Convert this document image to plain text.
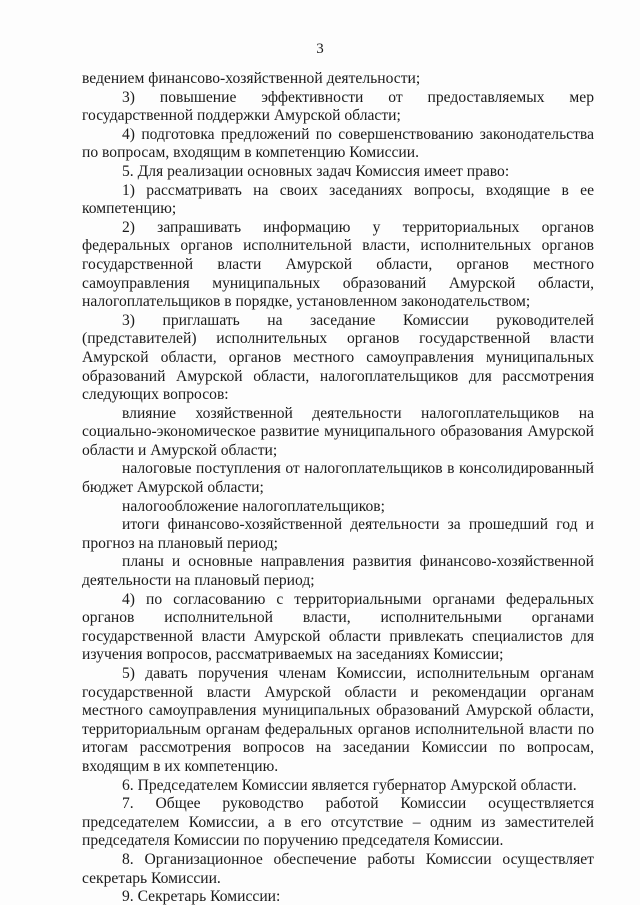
3

ведением финансово-хозяйственной деятельности;

3) повышение эффективности от предоставляемых мер государственной поддержки Амурской области;

4) подготовка предложений по совершенствованию законодательства по вопросам, входящим в компетенцию Комиссии.

5. Для реализации основных задач Комиссия имеет право:

1) рассматривать на своих заседаниях вопросы, входящие в ее компетенцию;

2) запрашивать информацию у территориальных органов федеральных органов исполнительной власти, исполнительных органов государственной власти Амурской области, органов местного самоуправления муниципальных образований Амурской области, налогоплательщиков в порядке, установленном законодательством;

3) приглашать на заседание Комиссии руководителей (представителей) исполнительных органов государственной власти Амурской области, органов местного самоуправления муниципальных образований Амурской области, налогоплательщиков для рассмотрения следующих вопросов:

влияние хозяйственной деятельности налогоплательщиков на социально-экономическое развитие муниципального образования Амурской области и Амурской области;

налоговые поступления от налогоплательщиков в консолидированный бюджет Амурской области;

налогообложение налогоплательщиков;

итоги финансово-хозяйственной деятельности за прошедший год и прогноз на плановый период;

планы и основные направления развития финансово-хозяйственной деятельности на плановый период;

4) по согласованию с территориальными органами федеральных органов исполнительной власти, исполнительными органами государственной власти Амурской области привлекать специалистов для изучения вопросов, рассматриваемых на заседаниях Комиссии;

5) давать поручения членам Комиссии, исполнительным органам государственной власти Амурской области и рекомендации органам местного самоуправления муниципальных образований Амурской области, территориальным органам федеральных органов исполнительной власти по итогам рассмотрения вопросов на заседании Комиссии по вопросам, входящим в их компетенцию.

6. Председателем Комиссии является губернатор Амурской области.

7. Общее руководство работой Комиссии осуществляется председателем Комиссии, а в его отсутствие – одним из заместителей председателя Комиссии по поручению председателя Комиссии.

8. Организационное обеспечение работы Комиссии осуществляет секретарь Комиссии.

9. Секретарь Комиссии:
